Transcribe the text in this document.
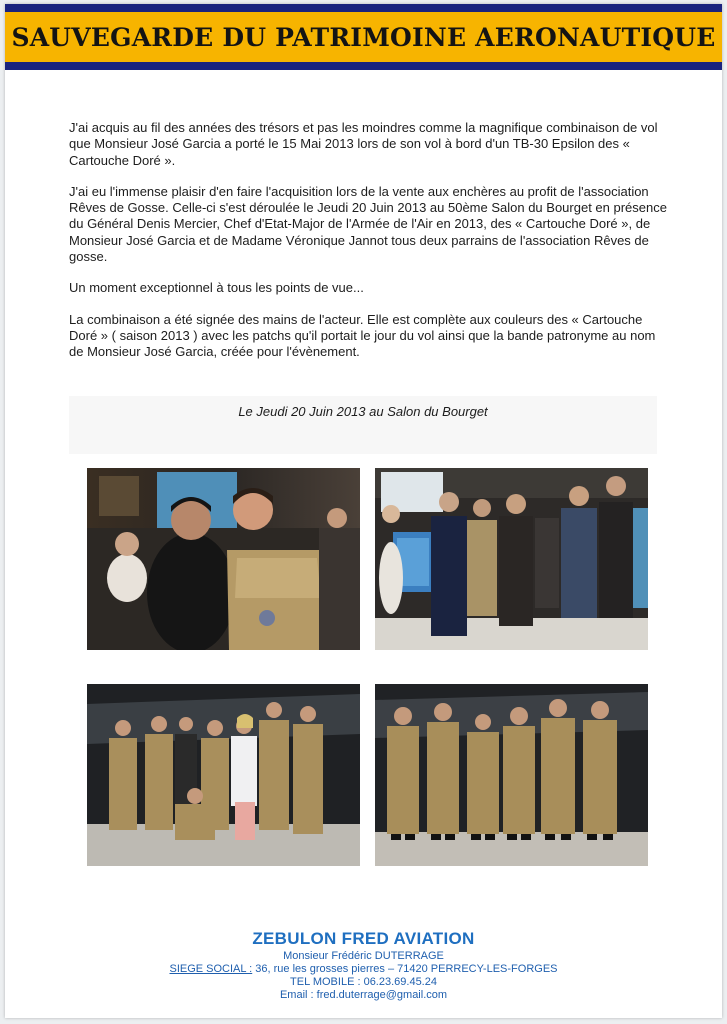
SAUVEGARDE DU PATRIMOINE AERONAUTIQUE

J'ai acquis au fil des années des trésors et pas les moindres comme la magnifique combinaison de vol que Monsieur José Garcia a porté le 15 Mai 2013 lors de son vol à bord d'un TB-30 Epsilon des « Cartouche Doré ».

J'ai eu l'immense plaisir d'en faire l'acquisition lors de la vente aux enchères au profit de l'association Rêves de Gosse. Celle-ci s'est déroulée le Jeudi 20 Juin 2013 au 50ème Salon du Bourget en présence du Général Denis Mercier, Chef d'Etat-Major de l'Armée de l'Air en 2013, des « Cartouche Doré », de Monsieur José Garcia et de Madame Véronique Jannot tous deux parrains de l'association Rêves de gosse.

Un moment exceptionnel à tous les points de vue...

La combinaison a été signée des mains de l'acteur. Elle est complète aux couleurs des « Cartouche Doré » ( saison 2013 ) avec les patchs qu'il portait le jour du vol ainsi que la bande patronyme au nom de Monsieur José Garcia, créée pour l'évènement.

Le Jeudi 20 Juin 2013 au Salon du Bourget
ZEBULON FRED AVIATION
Monsieur Frédéric DUTERRAGE
SIEGE SOCIAL : 36, rue les grosses pierres – 71420 PERRECY-LES-FORGES
TEL MOBILE : 06.23.69.45.24
Email : fred.duterrage@gmail.com
